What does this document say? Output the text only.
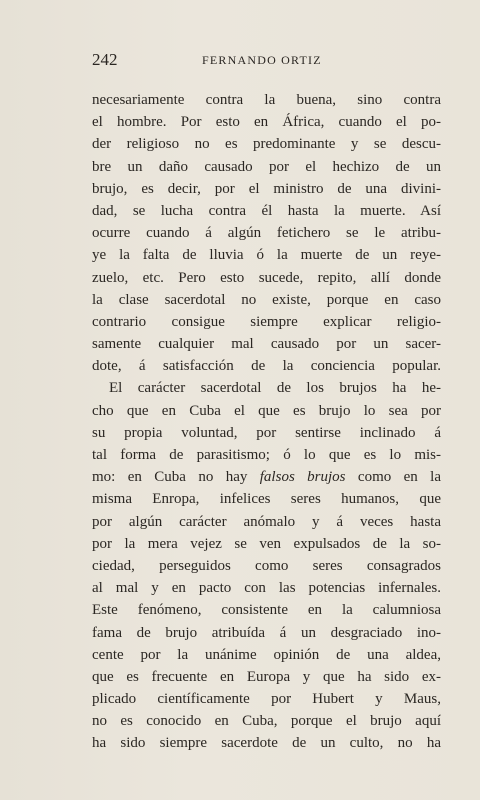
242	FERNANDO ORTIZ
necesariamente contra la buena, sino contra
el hombre. Por esto en África, cuando el po-
der religioso no es predominante y se descu-
bre un daño causado por el hechizo de un
brujo, es decir, por el ministro de una divini-
dad, se lucha contra él hasta la muerte. Así
ocurre cuando á algún fetichero se le atribu-
ye la falta de lluvia ó la muerte de un reye-
zuelo, etc. Pero esto sucede, repito, allí donde
la clase sacerdotal no existe, porque en caso
contrario consigue siempre explicar religio-
samente cualquier mal causado por un sacer-
dote, á satisfacción de la conciencia popular.
El carácter sacerdotal de los brujos ha he-
cho que en Cuba el que es brujo lo sea por
su propia voluntad, por sentirse inclinado á
tal forma de parasitismo; ó lo que es lo mis-
mo: en Cuba no hay falsos brujos como en la
misma Enropa, infelices seres humanos, que
por algún carácter anómalo y á veces hasta
por la mera vejez se ven expulsados de la so-
ciedad, perseguidos como seres consagrados
al mal y en pacto con las potencias infernales.
Este fenómeno, consistente en la calumniosa
fama de brujo atribuída á un desgraciado ino-
cente por la unánime opinión de una aldea,
que es frecuente en Europa y que ha sido ex-
plicado científicamente por Hubert y Maus,
no es conocido en Cuba, porque el brujo aquí
ha sido siempre sacerdote de un culto, no ha
